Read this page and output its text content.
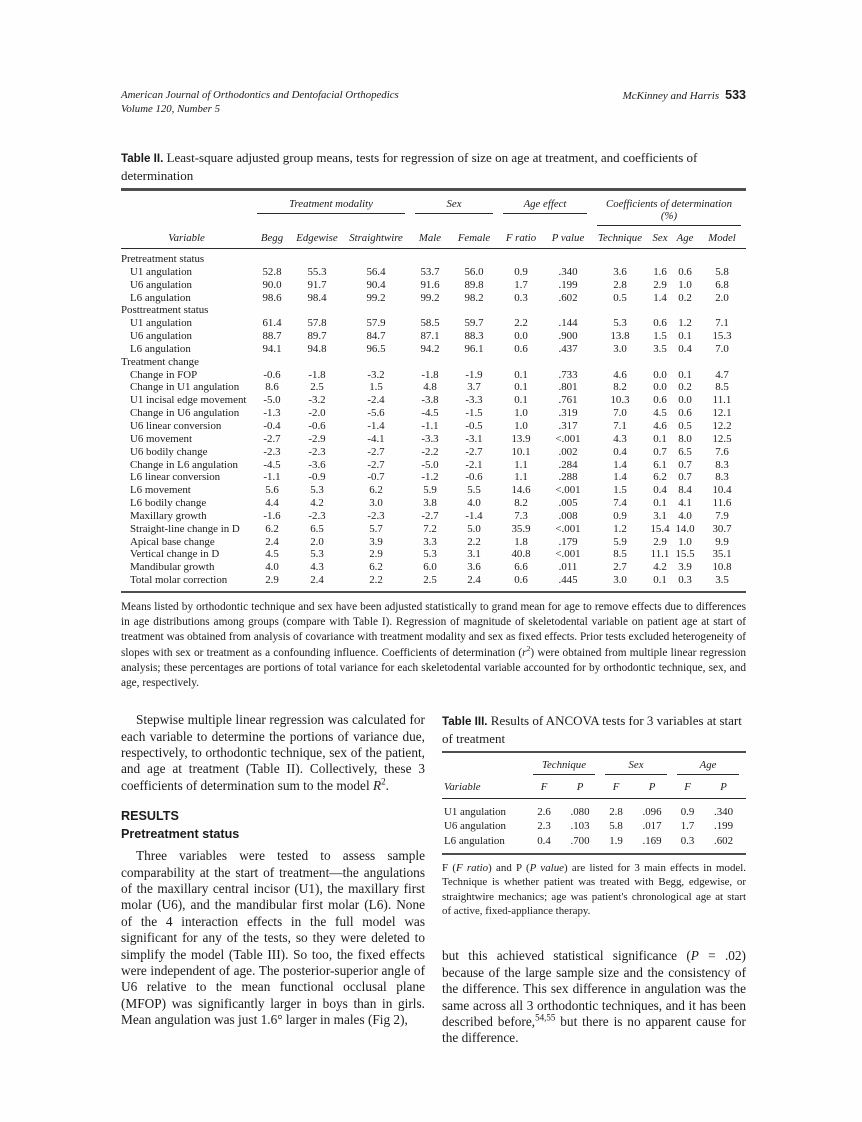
American Journal of Orthodontics and Dentofacial Orthopedics
Volume 120, Number 5
McKinney and Harris 533

Table II. Least-square adjusted group means, tests for regression of size on age at treatment, and coefficients of determination

Treatment modality	Sex	Age effect	Coefficients of determination (%)
Variable	Begg	Edgewise	Straightwire	Male	Female	F ratio	P value	Technique Sex Age	Model
Pretreatment status
U1 angulation	52.8	55.3	56.4	53.7	56.0	0.9	.340	3.6	1.6	0.6	5.8
U6 angulation	90.0	91.7	90.4	91.6	89.8	1.7	.199	2.8	2.9	1.0	6.8
L6 angulation	98.6	98.4	99.2	99.2	98.2	0.3	.602	0.5	1.4	0.2	2.0
Posttreatment status
U1 angulation	61.4	57.8	57.9	58.5	59.7	2.2	.144	5.3	0.6	1.2	7.1
U6 angulation	88.7	89.7	84.7	87.1	88.3	0.0	.900	13.8	1.5	0.1	15.3
L6 angulation	94.1	94.8	96.5	94.2	96.1	0.6	.437	3.0	3.5	0.4	7.0
Treatment change
Change in FOP	-0.6	-1.8	-3.2	-1.8	-1.9	0.1	.733	4.6	0.0	0.1	4.7
Change in U1 angulation	8.6	2.5	1.5	4.8	3.7	0.1	.801	8.2	0.0	0.2	8.5
U1 incisal edge movement	-5.0	-3.2	-2.4	-3.8	-3.3	0.1	.761	10.3	0.6	0.0	11.1
Change in U6 angulation	-1.3	-2.0	-5.6	-4.5	-1.5	1.0	.319	7.0	4.5	0.6	12.1
U6 linear conversion	-0.4	-0.6	-1.4	-1.1	-0.5	1.0	.317	7.1	4.6	0.5	12.2
U6 movement	-2.7	-2.9	-4.1	-3.3	-3.1	13.9	<.001	4.3	0.1	8.0	12.5
U6 bodily change	-2.3	-2.3	-2.7	-2.2	-2.7	10.1	.002	0.4	0.7	6.5	7.6
Change in L6 angulation	-4.5	-3.6	-2.7	-5.0	-2.1	1.1	.284	1.4	6.1	0.7	8.3
L6 linear conversion	-1.1	-0.9	-0.7	-1.2	-0.6	1.1	.288	1.4	6.2	0.7	8.3
L6 movement	5.6	5.3	6.2	5.9	5.5	14.6	<.001	1.5	0.4	8.4	10.4
L6 bodily change	4.4	4.2	3.0	3.8	4.0	8.2	.005	7.4	0.1	4.1	11.6
Maxillary growth	-1.6	-2.3	-2.3	-2.7	-1.4	7.3	.008	0.9	3.1	4.0	7.9
Straight-line change in D	6.2	6.5	5.7	7.2	5.0	35.9	<.001	1.2	15.4 14.0	30.7
Apical base change	2.4	2.0	3.9	3.3	2.2	1.8	.179	5.9	2.9	1.0	9.9
Vertical change in D	4.5	5.3	2.9	5.3	3.1	40.8	<.001	8.5	11.1 15.5	35.1
Mandibular growth	4.0	4.3	6.2	6.0	3.6	6.6	.011	2.7	4.2	3.9	10.8
Total molar correction	2.9	2.4	2.2	2.5	2.4	0.6	.445	3.0	0.1	0.3	3.5

Means listed by orthodontic technique and sex have been adjusted statistically to grand mean for age to remove effects due to differences in age distributions among groups (compare with Table I). Regression of magnitude of skeletodental variable on patient age at start of treatment was obtained from analysis of covariance with treatment modality and sex as fixed effects. Prior tests excluded heterogeneity of slopes with sex or treatment as a confounding influence. Coefficients of determination $(r^2)$ were obtained from multiple linear regression analysis; these percentages are portions of total variance for each skeletodental variable accounted for by orthodontic technique, sex, and age, respectively.

Stepwise multiple linear regression was calculated for each variable to determine the portions of variance due, respectively, to orthodontic technique, sex of the patient, and age at treatment (Table II). Collectively, these 3 coefficients of determination sum to the model $R^2$.

RESULTS
Pretreatment status

Three variables were tested to assess sample comparability at the start of treatment—the angulations of the maxillary central incisor (U1), the maxillary first molar (U6), and the mandibular first molar (L6). None of the 4 interaction effects in the full model was significant for any of the tests, so they were deleted to simplify the model (Table III). So too, the fixed effects were independent of age. The posterior-superior angle of U6 relative to the mean functional occlusal plane (MFOP) was significantly larger in boys than in girls. Mean angulation was just 1.6° larger in males (Fig 2),

Table III. Results of ANCOVA tests for 3 variables at start of treatment

Technique	Sex	Age
Variable	F	P	F	P	F	P
U1 angulation	2.6	.080	2.8	.096	0.9	.340
U6 angulation	2.3	.103	5.8	.017	1.7	.199
L6 angulation	0.4	.700	1.9	.169	0.3	.602

F (F ratio) and P (P value) are listed for 3 main effects in model. Technique is whether patient was treated with Begg, edgewise, or straightwire mechanics; age was patient's chronological age at start of active, fixed-appliance therapy.

but this achieved statistical significance (P = .02) because of the large sample size and the consistency of the difference. This sex difference in angulation was the same across all 3 orthodontic techniques, and it has been described before,$^{54,55}$ but there is no apparent cause for the difference.
